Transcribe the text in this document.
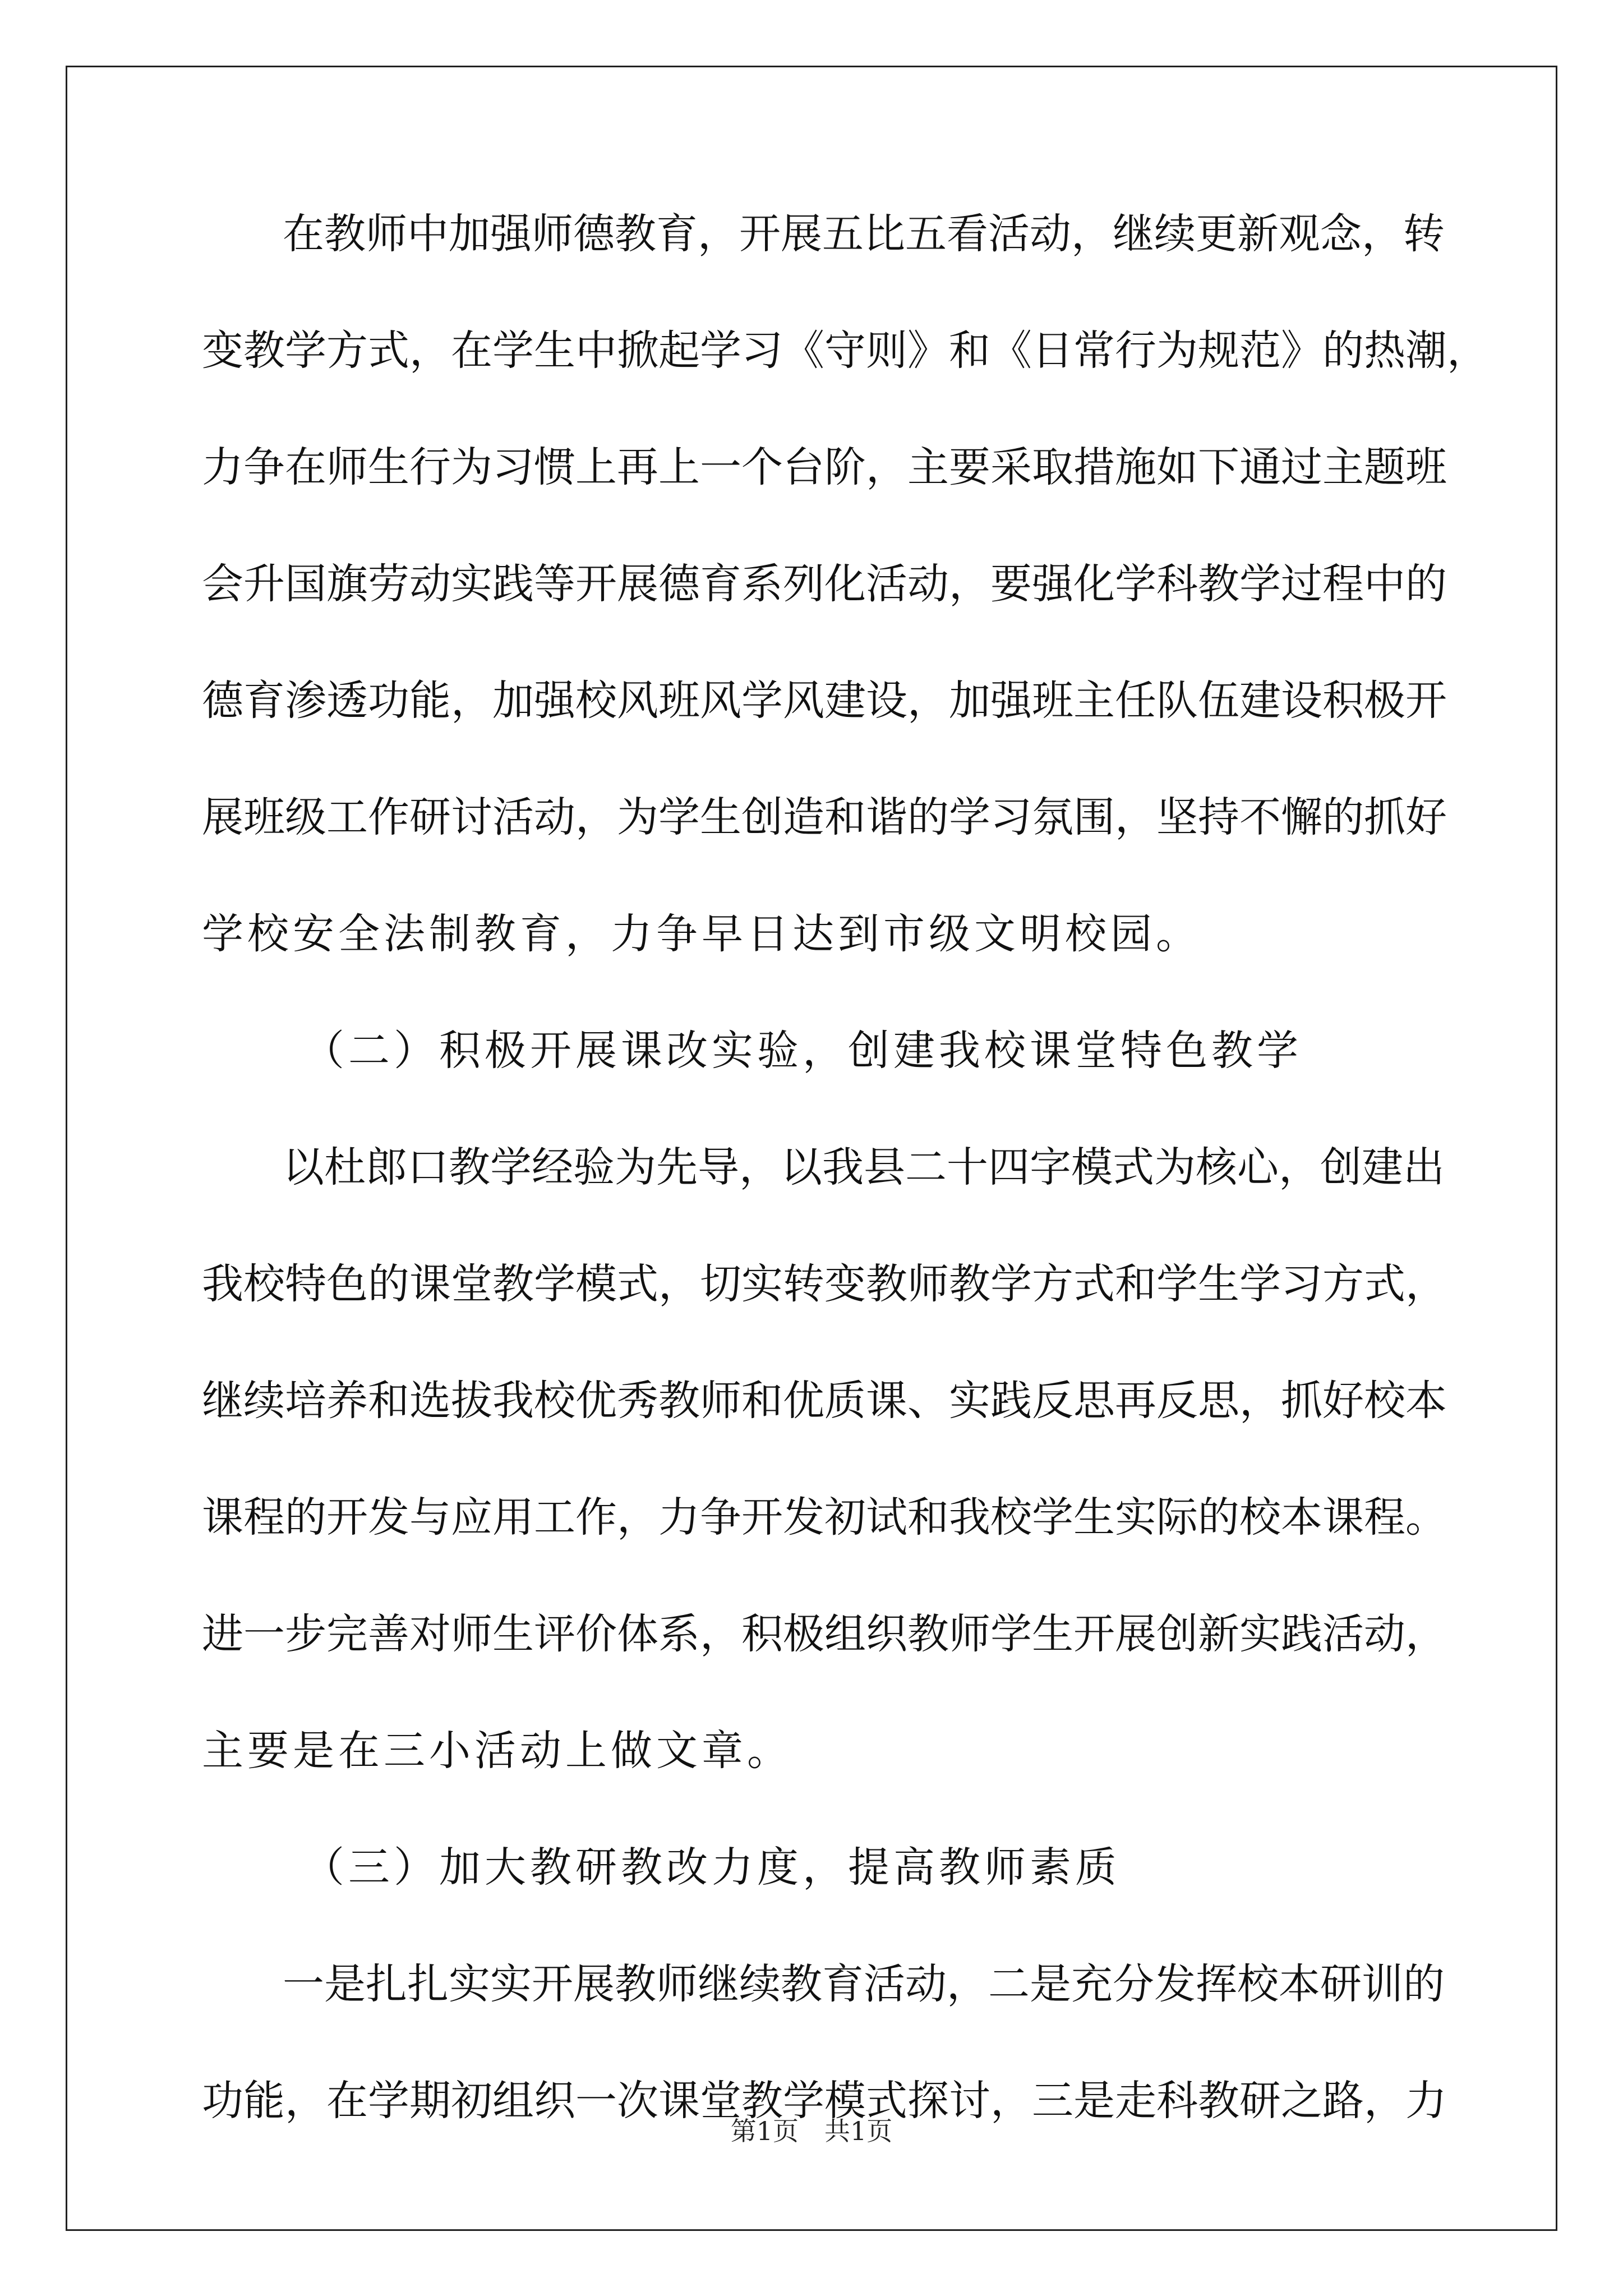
在教师中加强师德教育，开展五比五看活动，继续更新观念，转
变教学方式，在学生中掀起学习《守则》和《日常行为规范》的热潮，
力争在师生行为习惯上再上一个台阶，主要采取措施如下通过主题班
会升国旗劳动实践等开展德育系列化活动，要强化学科教学过程中的
德育渗透功能，加强校风班风学风建设，加强班主任队伍建设积极开
展班级工作研讨活动，为学生创造和谐的学习氛围，坚持不懈的抓好
学校安全法制教育，力争早日达到市级文明校园。
（二）积极开展课改实验，创建我校课堂特色教学
以杜郎口教学经验为先导，以我县二十四字模式为核心，创建出
我校特色的课堂教学模式，切实转变教师教学方式和学生学习方式，
继续培养和选拔我校优秀教师和优质课、实践反思再反思，抓好校本
课程的开发与应用工作，力争开发初试和我校学生实际的校本课程。
进一步完善对师生评价体系，积极组织教师学生开展创新实践活动，
主要是在三小活动上做文章。
（三）加大教研教改力度，提高教师素质
一是扎扎实实开展教师继续教育活动，二是充分发挥校本研训的
功能，在学期初组织一次课堂教学模式探讨，三是走科教研之路，力
第1页　共1页
